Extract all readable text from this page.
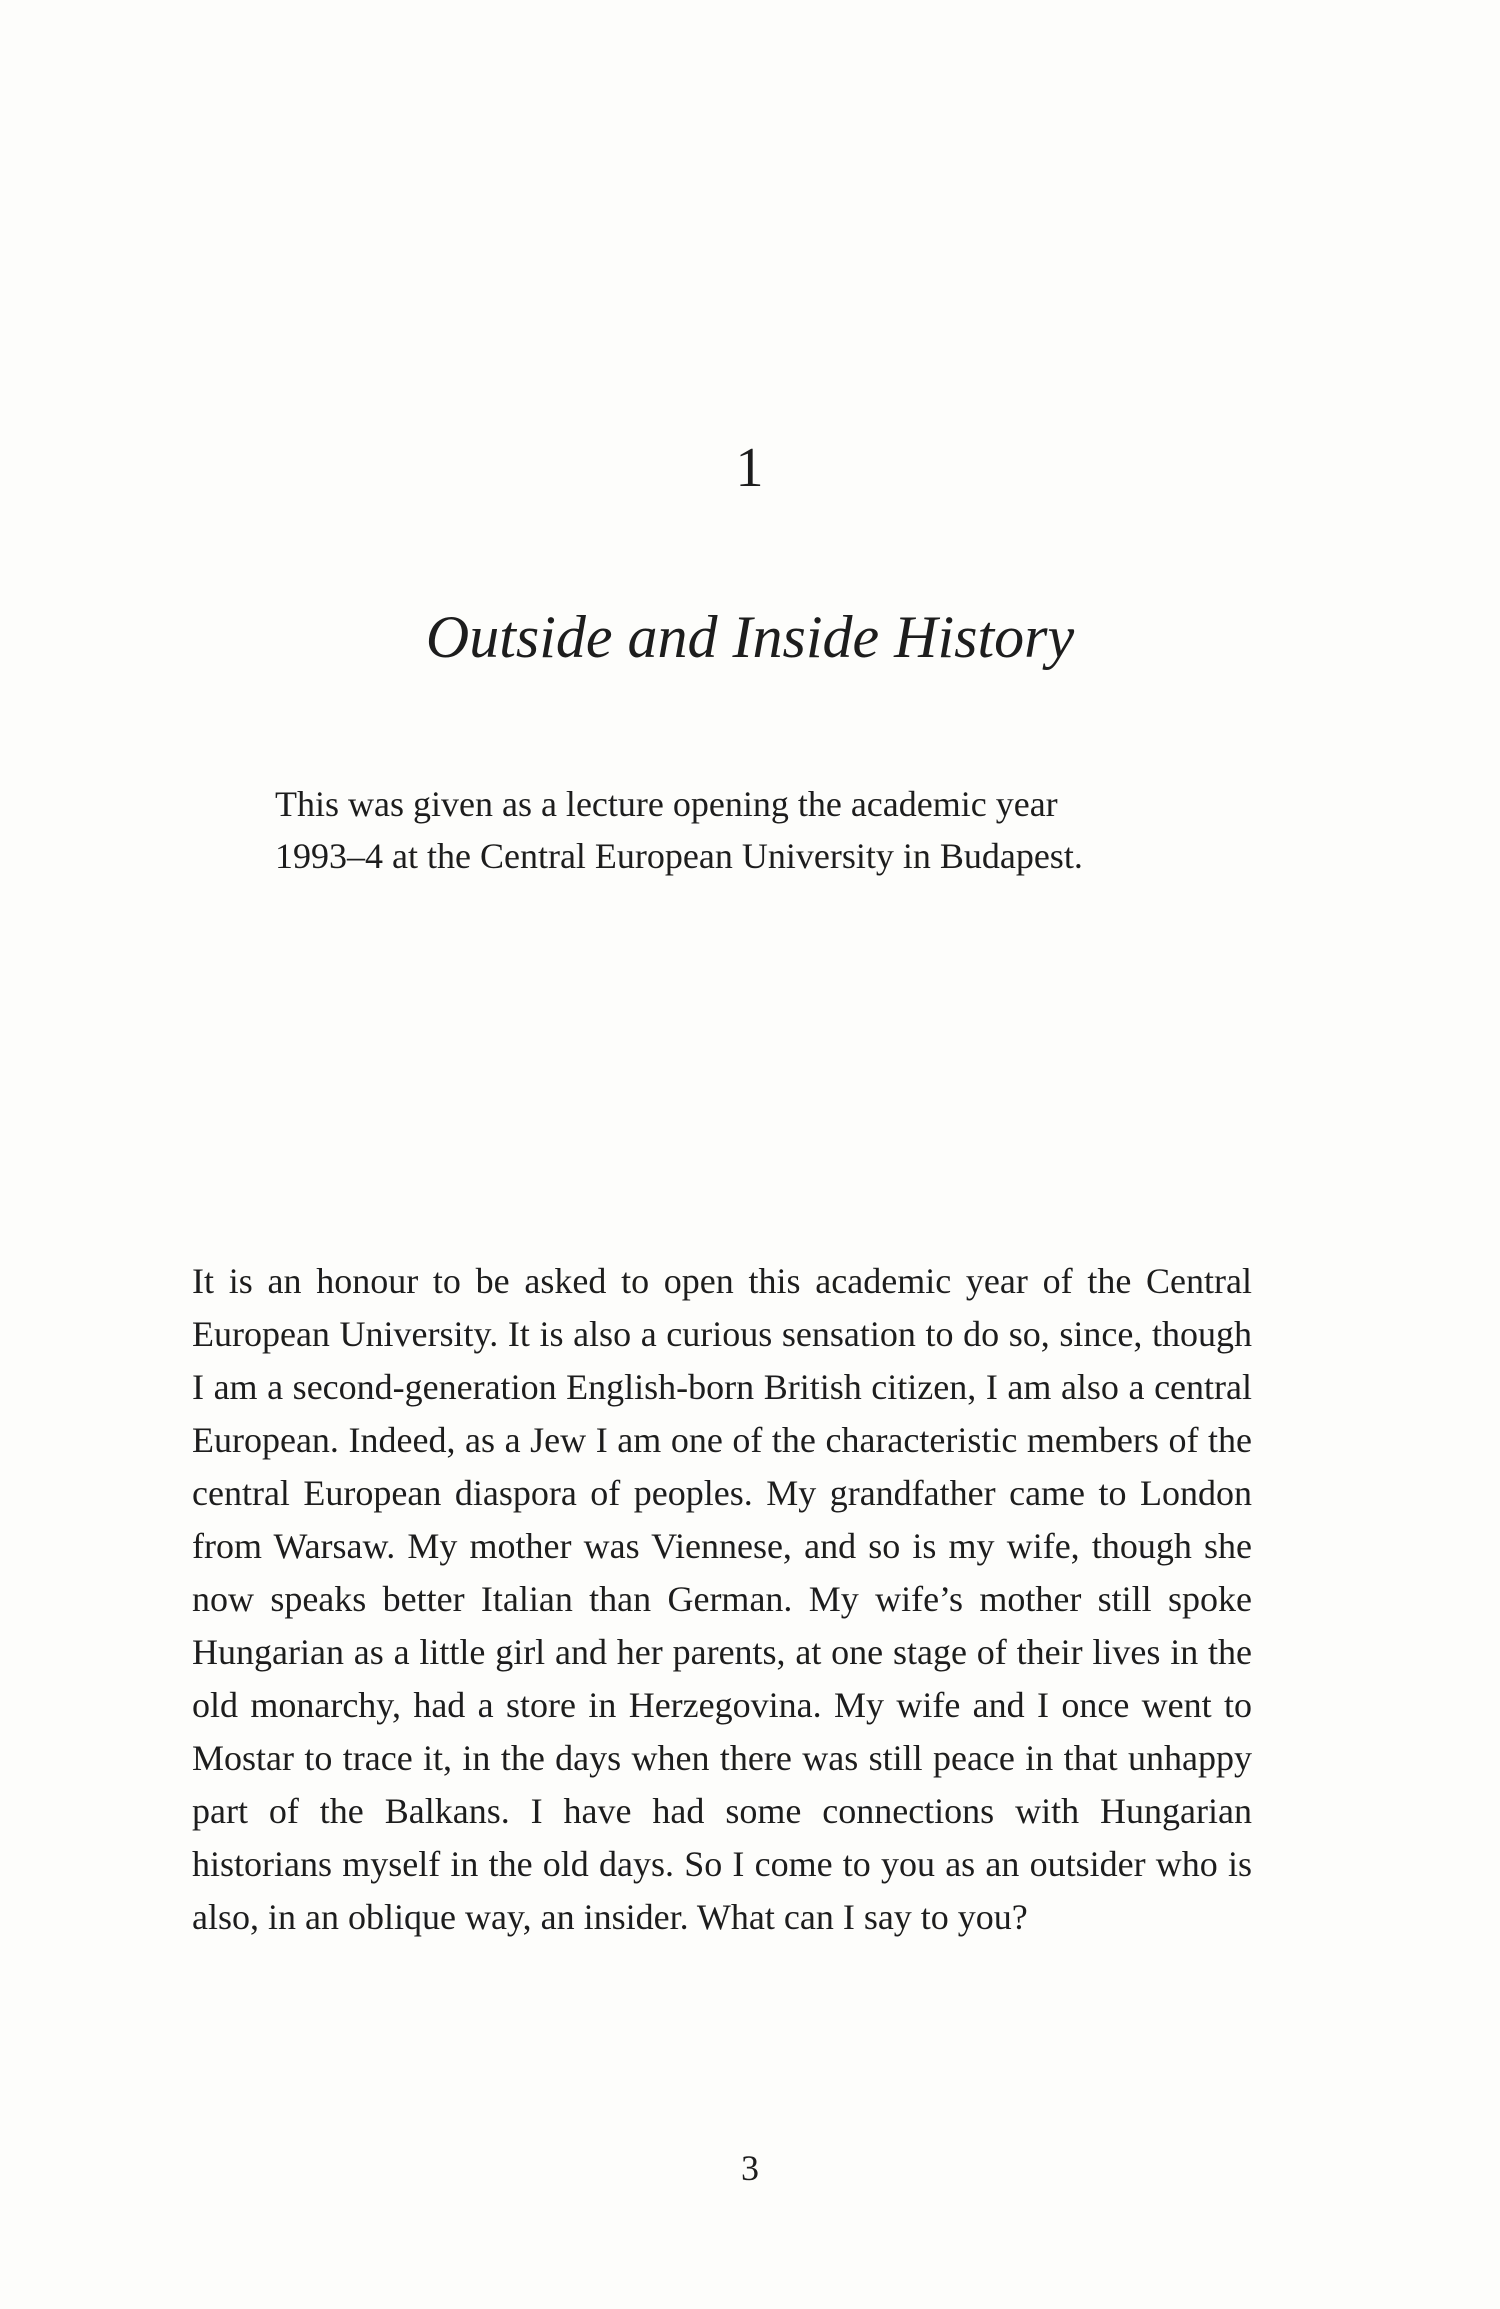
1
Outside and Inside History

This was given as a lecture opening the academic year 1993–4 at the Central European University in Budapest.

It is an honour to be asked to open this academic year of the Central European University. It is also a curious sensation to do so, since, though I am a second-generation English-born British citizen, I am also a central European. Indeed, as a Jew I am one of the characteristic members of the central European diaspora of peoples. My grandfather came to London from Warsaw. My mother was Viennese, and so is my wife, though she now speaks better Italian than German. My wife’s mother still spoke Hungarian as a little girl and her parents, at one stage of their lives in the old monarchy, had a store in Herzegovina. My wife and I once went to Mostar to trace it, in the days when there was still peace in that unhappy part of the Balkans. I have had some connections with Hungarian historians myself in the old days. So I come to you as an outsider who is also, in an oblique way, an insider. What can I say to you?

3
